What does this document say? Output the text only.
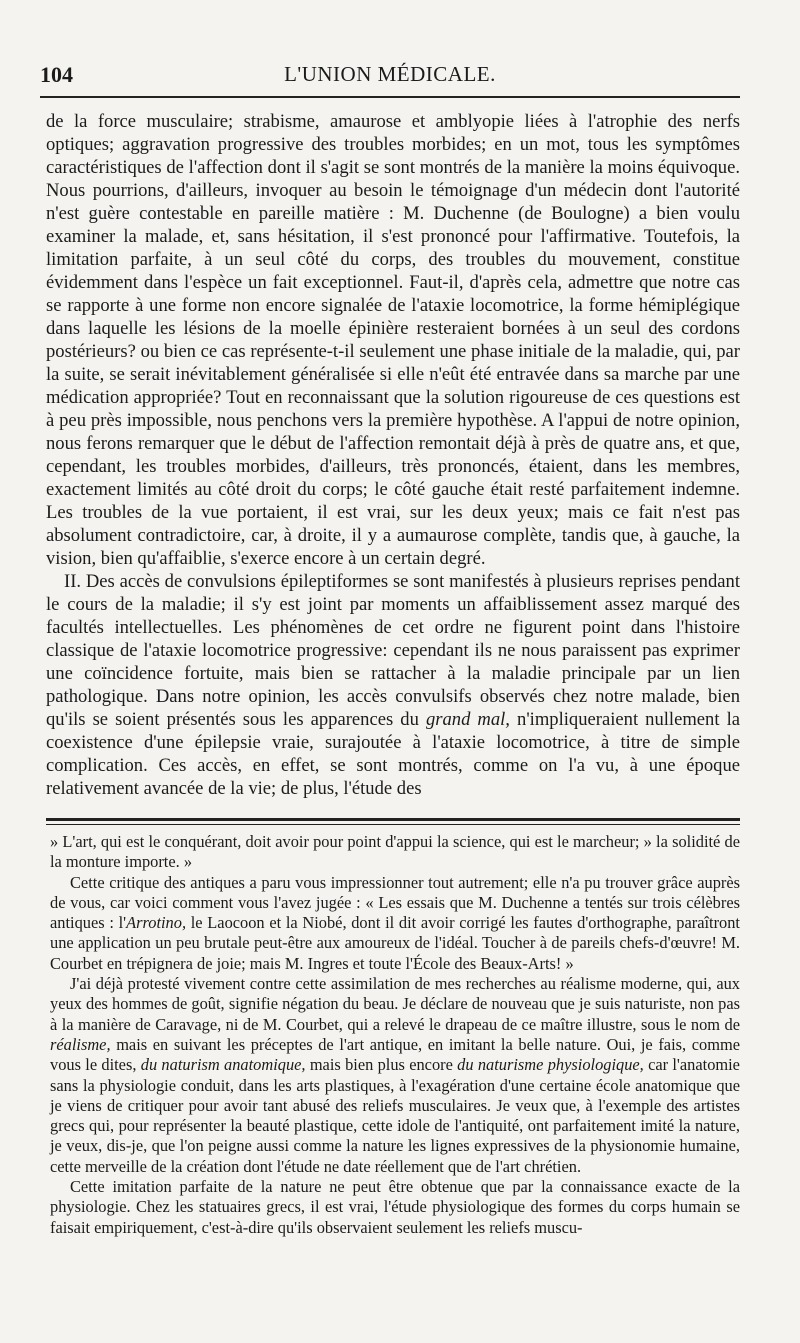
104	L'UNION MÉDICALE.

de la force musculaire; strabisme, amaurose et amblyopie liées à l'atrophie des nerfs optiques; aggravation progressive des troubles morbides; en un mot, tous les symptômes caractéristiques de l'affection dont il s'agit se sont montrés de la manière la moins équivoque. Nous pourrions, d'ailleurs, invoquer au besoin le témoignage d'un médecin dont l'autorité n'est guère contestable en pareille matière : M. Duchenne (de Boulogne) a bien voulu examiner la malade, et, sans hésitation, il s'est prononcé pour l'affirmative. Toutefois, la limitation parfaite, à un seul côté du corps, des troubles du mouvement, constitue évidemment dans l'espèce un fait exceptionnel. Faut-il, d'après cela, admettre que notre cas se rapporte à une forme non encore signalée de l'ataxie locomotrice, la forme hémiplégique dans laquelle les lésions de la moelle épinière resteraient bornées à un seul des cordons postérieurs? ou bien ce cas représente-t-il seulement une phase initiale de la maladie, qui, par la suite, se serait inévitablement généralisée si elle n'eût été entravée dans sa marche par une médication appropriée? Tout en reconnaissant que la solution rigoureuse de ces questions est à peu près impossible, nous penchons vers la première hypothèse. A l'appui de notre opinion, nous ferons remarquer que le début de l'affection remontait déjà à près de quatre ans, et que, cependant, les troubles morbides, d'ailleurs, très prononcés, étaient, dans les membres, exactement limités au côté droit du corps; le côté gauche était resté parfaitement indemne. Les troubles de la vue portaient, il est vrai, sur les deux yeux; mais ce fait n'est pas absolument contradictoire, car, à droite, il y a aumaurose complète, tandis que, à gauche, la vision, bien qu'affaiblie, s'exerce encore à un certain degré.

II. Des accès de convulsions épileptiformes se sont manifestés à plusieurs reprises pendant le cours de la maladie; il s'y est joint par moments un affaiblissement assez marqué des facultés intellectuelles. Les phénomènes de cet ordre ne figurent point dans l'histoire classique de l'ataxie locomotrice progressive: cependant ils ne nous paraissent pas exprimer une coïncidence fortuite, mais bien se rattacher à la maladie principale par un lien pathologique. Dans notre opinion, les accès convulsifs observés chez notre malade, bien qu'ils se soient présentés sous les apparences du grand mal, n'impliqueraient nullement la coexistence d'une épilepsie vraie, surajoutée à l'ataxie locomotrice, à titre de simple complication. Ces accès, en effet, se sont montrés, comme on l'a vu, à une époque relativement avancée de la vie; de plus, l'étude des

» L'art, qui est le conquérant, doit avoir pour point d'appui la science, qui est le marcheur; » la solidité de la monture importe. »

Cette critique des antiques a paru vous impressionner tout autrement; elle n'a pu trouver grâce auprès de vous, car voici comment vous l'avez jugée : « Les essais que M. Duchenne a tentés sur trois célèbres antiques : l'Arrotino, le Laocoon et la Niobé, dont il dit avoir corrigé les fautes d'orthographe, paraîtront une application un peu brutale peut-être aux amoureux de l'idéal. Toucher à de pareils chefs-d'œuvre! M. Courbet en trépignera de joie; mais M. Ingres et toute l'École des Beaux-Arts! »

J'ai déjà protesté vivement contre cette assimilation de mes recherches au réalisme moderne, qui, aux yeux des hommes de goût, signifie négation du beau. Je déclare de nouveau que je suis naturiste, non pas à la manière de Caravage, ni de M. Courbet, qui a relevé le drapeau de ce maître illustre, sous le nom de réalisme, mais en suivant les préceptes de l'art antique, en imitant la belle nature. Oui, je fais, comme vous le dites, du naturism anatomique, mais bien plus encore du naturisme physiologique, car l'anatomie sans la physiologie conduit, dans les arts plastiques, à l'exagération d'une certaine école anatomique que je viens de critiquer pour avoir tant abusé des reliefs musculaires. Je veux que, à l'exemple des artistes grecs qui, pour représenter la beauté plastique, cette idole de l'antiquité, ont parfaitement imité la nature, je veux, dis-je, que l'on peigne aussi comme la nature les lignes expressives de la physionomie humaine, cette merveille de la création dont l'étude ne date réellement que de l'art chrétien.

Cette imitation parfaite de la nature ne peut être obtenue que par la connaissance exacte de la physiologie. Chez les statuaires grecs, il est vrai, l'étude physiologique des formes du corps humain se faisait empiriquement, c'est-à-dire qu'ils observaient seulement les reliefs muscu-
